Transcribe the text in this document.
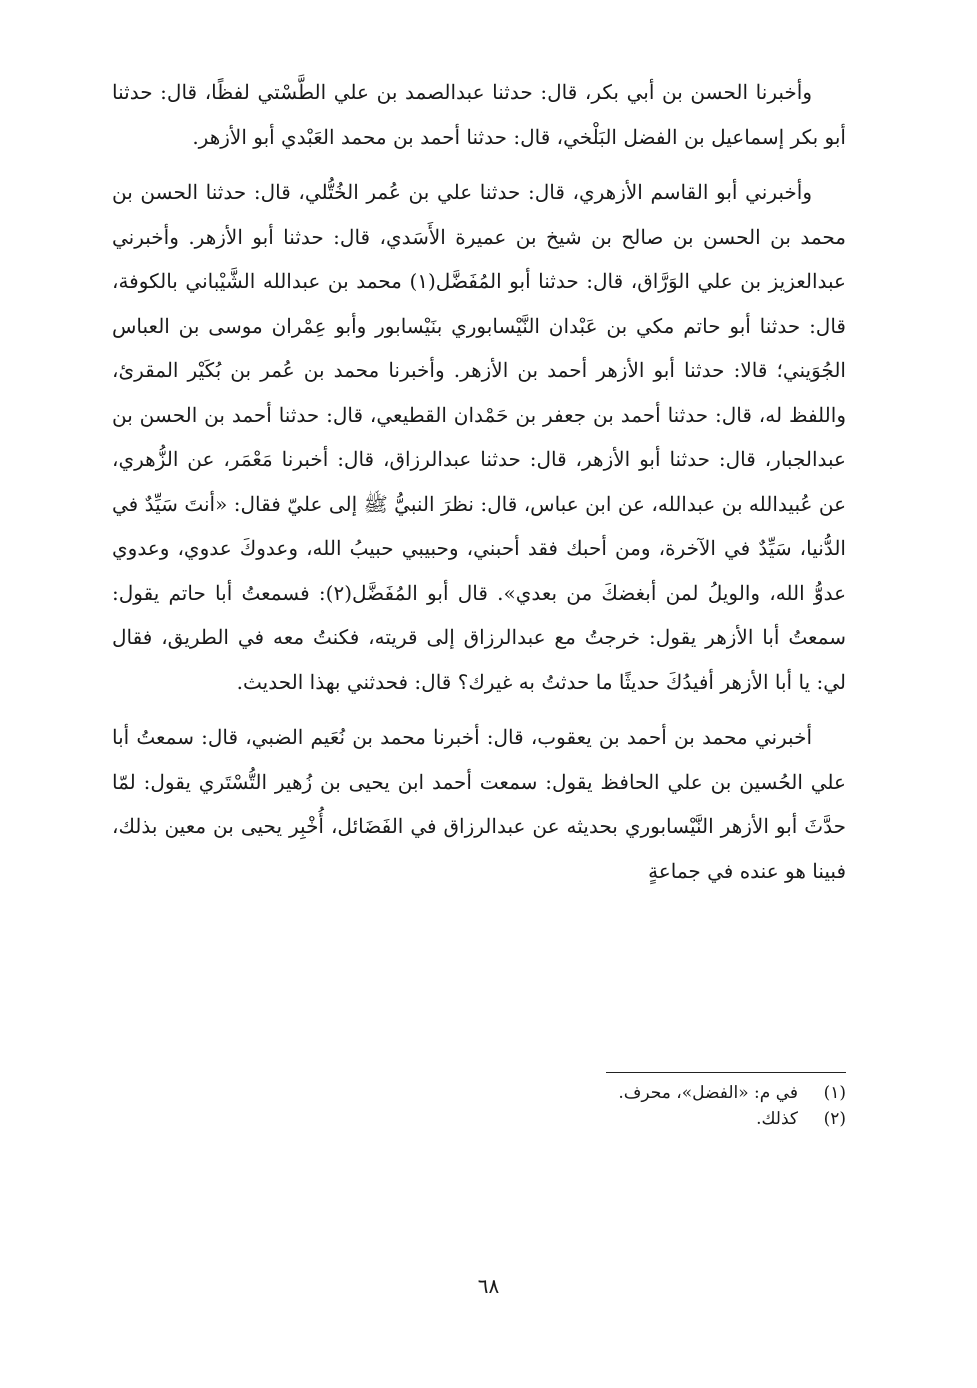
وأخبرنا الحسن بن أبي بكر، قال: حدثنا عبدالصمد بن علي الطَّسْتي لفظًا، قال: حدثنا أبو بكر إسماعيل بن الفضل البَلْخي، قال: حدثنا أحمد بن محمد العَبْدي أبو الأزهر.

وأخبرني أبو القاسم الأزهري، قال: حدثنا علي بن عُمر الخُتُّلي، قال: حدثنا الحسن بن محمد بن الحسن بن صالح بن شيخ بن عميرة الأَسَدي، قال: حدثنا أبو الأزهر. وأخبرني عبدالعزيز بن علي الوَرَّاق، قال: حدثنا أبو المُفَضَّل(١) محمد بن عبدالله الشَّيْباني بالكوفة، قال: حدثنا أبو حاتم مكي بن عَبْدان النَّيْسابوري بنَيْسابور وأبو عِمْران موسى بن العباس الجُوَيني؛ قالا: حدثنا أبو الأزهر أحمد بن الأزهر. وأخبرنا محمد بن عُمر بن بُكَيْر المقرئ، واللفظ له، قال: حدثنا أحمد بن جعفر بن حَمْدان القطيعي، قال: حدثنا أحمد بن الحسن بن عبدالجبار، قال: حدثنا أبو الأزهر، قال: حدثنا عبدالرزاق، قال: أخبرنا مَعْمَر، عن الزُّهري، عن عُبيدالله بن عبدالله، عن ابن عباس، قال: نظرَ النبيُّ ﷺ إلى عليّ فقال: «أنتَ سَيِّدٌ في الدُّنيا، سَيِّدٌ في الآخرة، ومن أحبك فقد أحبني، وحبيبي حبيبُ الله، وعدوكَ عدوي، وعدوي عدوُّ الله، والويلُ لمن أبغضكَ من بعدي». قال أبو المُفَضَّل(٢): فسمعتُ أبا حاتم يقول: سمعتُ أبا الأزهر يقول: خرجتُ مع عبدالرزاق إلى قريته، فكنتُ معه في الطريق، فقال لي: يا أبا الأزهر أفيدُكَ حديثًا ما حدثتُ به غيرك؟ قال: فحدثني بهذا الحديث.

أخبرني محمد بن أحمد بن يعقوب، قال: أخبرنا محمد بن نُعَيم الضبي، قال: سمعتُ أبا علي الحُسين بن علي الحافظ يقول: سمعت أحمد ابن يحيى بن زُهير التُّسْتَري يقول: لمّا حدَّثَ أبو الأزهر النَّيْسابوري بحديثه عن عبدالرزاق في الفَضَائل، أُخْبِر يحيى بن معين بذلك، فبينا هو عنده في جماعةٍ

(١)
في م: «الفضل»، محرف.
(٢)
كذلك.
٦٨
